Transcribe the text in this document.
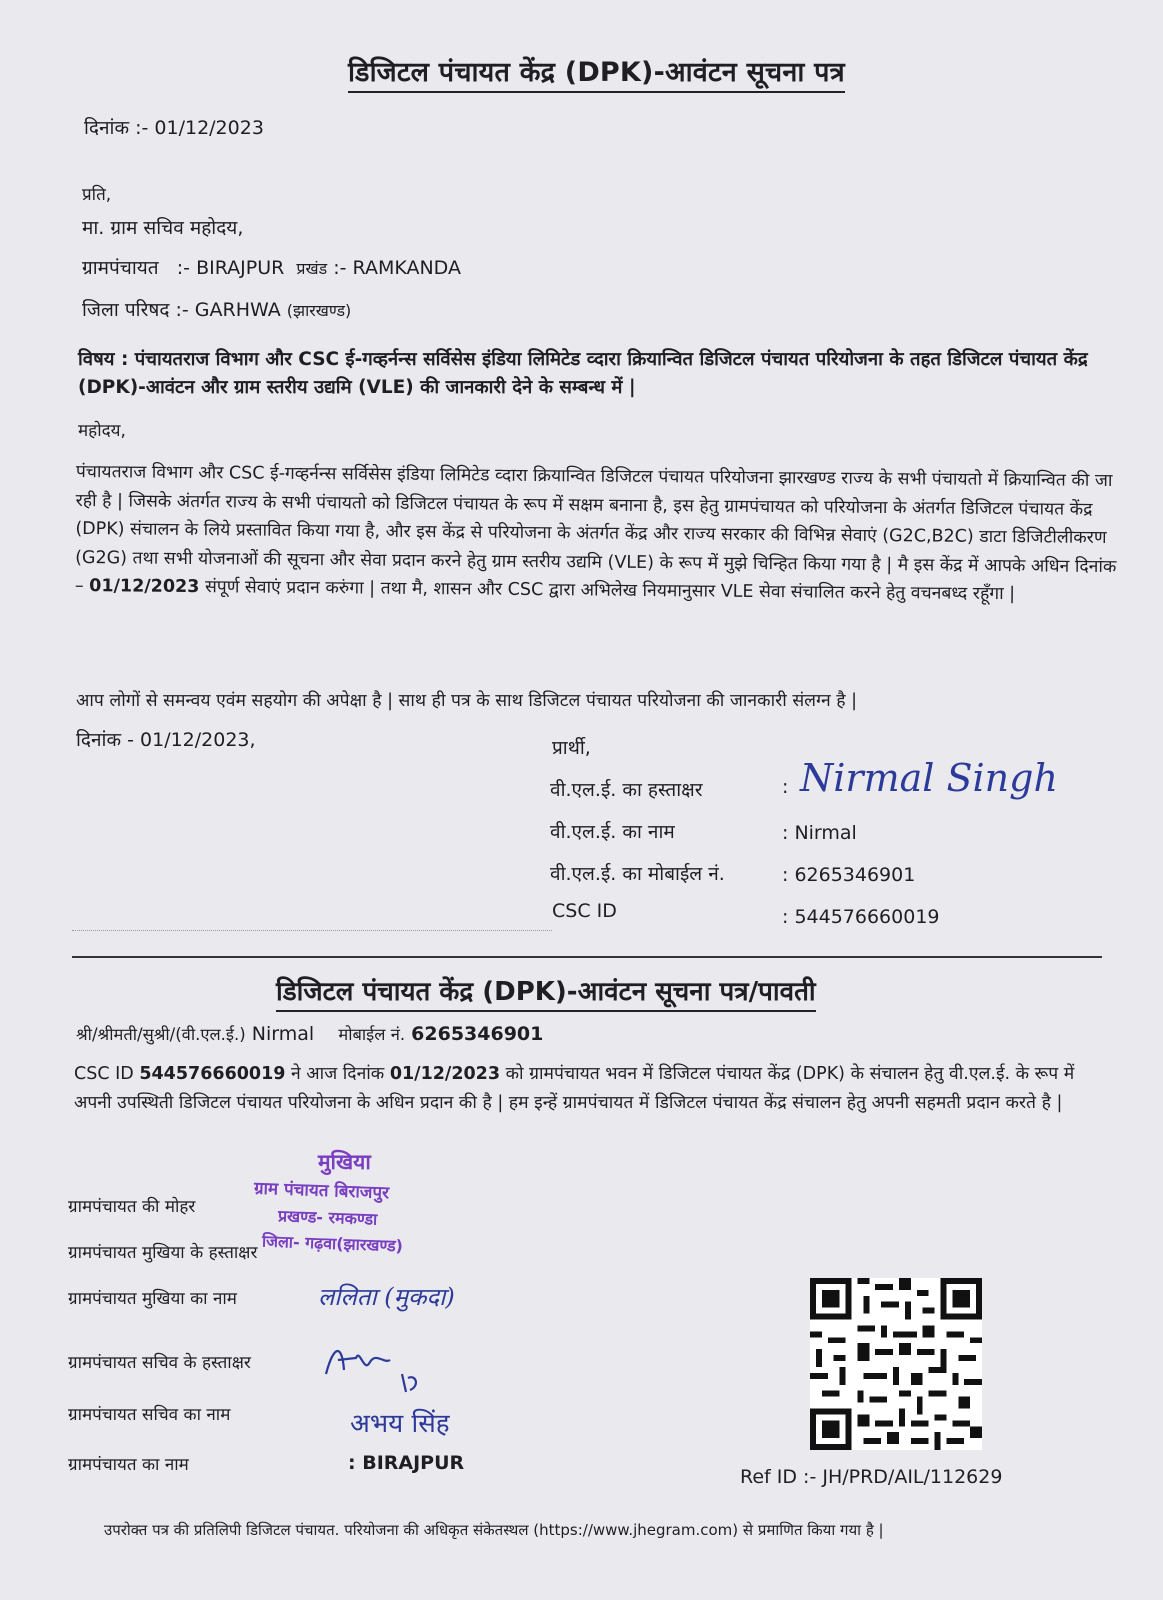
डिजिटल पंचायत केंद्र (DPK)-आवंटन सूचना पत्र
दिनांक :- 01/12/2023
प्रति,
मा. ग्राम सचिव महोदय,
ग्रामपंचायत :- BIRAJPUR प्रखंड :- RAMKANDA
जिला परिषद :- GARHWA (झारखण्ड)
विषय : पंचायतराज विभाग और CSC ई-गव्हर्नन्स सर्विसेस इंडिया लिमिटेड व्दारा क्रियान्वित डिजिटल पंचायत परियोजना के तहत डिजिटल पंचायत केंद्र (DPK)-आवंटन और ग्राम स्तरीय उद्यमि (VLE) की जानकारी देने के सम्बन्ध में |
महोदय,
पंचायतराज विभाग और CSC ई-गव्हर्नन्स सर्विसेस इंडिया लिमिटेड व्दारा क्रियान्वित डिजिटल पंचायत परियोजना झारखण्ड राज्य के सभी पंचायतो में क्रियान्वित की जा रही है | जिसके अंतर्गत राज्य के सभी पंचायतो को डिजिटल पंचायत के रूप में सक्षम बनाना है, इस हेतु ग्रामपंचायत को परियोजना के अंतर्गत डिजिटल पंचायत केंद्र (DPK) संचालन के लिये प्रस्तावित किया गया है, और इस केंद्र से परियोजना के अंतर्गत केंद्र और राज्य सरकार की विभिन्न सेवाएं (G2C,B2C) डाटा डिजिटीलीकरण (G2G) तथा सभी योजनाओं की सूचना और सेवा प्रदान करने हेतु ग्राम स्तरीय उद्यमि (VLE) के रूप में मुझे चिन्हित किया गया है | मै इस केंद्र में आपके अधिन दिनांक – 01/12/2023 संपूर्ण सेवाएं प्रदान करुंगा | तथा मै, शासन और CSC द्वारा अभिलेख नियमानुसार VLE सेवा संचालित करने हेतु वचनबध्द रहूँगा |
आप लोगों से समन्वय एवंम सहयोग की अपेक्षा है | साथ ही पत्र के साथ डिजिटल पंचायत परियोजना की जानकारी संलग्न है |
दिनांक - 01/12/2023,	प्रार्थी,
वी.एल.ई. का हस्ताक्षर	: Nirmal Singh
वी.एल.ई. का नाम	: Nirmal
वी.एल.ई. का मोबाईल नं.	: 6265346901
CSC ID	: 544576660019
डिजिटल पंचायत केंद्र (DPK)-आवंटन सूचना पत्र/पावती
श्री/श्रीमती/सुश्री/(वी.एल.ई.) Nirmal मोबाईल नं. 6265346901
CSC ID 544576660019 ने आज दिनांक 01/12/2023 को ग्रामपंचायत भवन में डिजिटल पंचायत केंद्र (DPK) के संचालन हेतु वी.एल.ई. के रूप में अपनी उपस्थिती डिजिटल पंचायत परियोजना के अधिन प्रदान की है | हम इन्हें ग्रामपंचायत में डिजिटल पंचायत केंद्र संचालन हेतु अपनी सहमती प्रदान करते है |
ग्रामपंचायत की मोहर
ग्रामपंचायत मुखिया के हस्ताक्षर
ग्रामपंचायत मुखिया का नाम	ललिता (मुकदा)
ग्रामपंचायत सचिव के हस्ताक्षर
ग्रामपंचायत सचिव का नाम	अभय सिंह
ग्रामपंचायत का नाम	: BIRAJPUR
मुखिया
ग्राम पंचायत बिराजपुर
प्रखण्ड- रमकण्डा
जिला- गढ़वा(झारखण्ड)
Ref ID :- JH/PRD/AIL/112629
उपरोक्त पत्र की प्रतिलिपी डिजिटल पंचायत. परियोजना की अधिकृत संकेतस्थल (https://www.jhegram.com) से प्रमाणित किया गया है |
